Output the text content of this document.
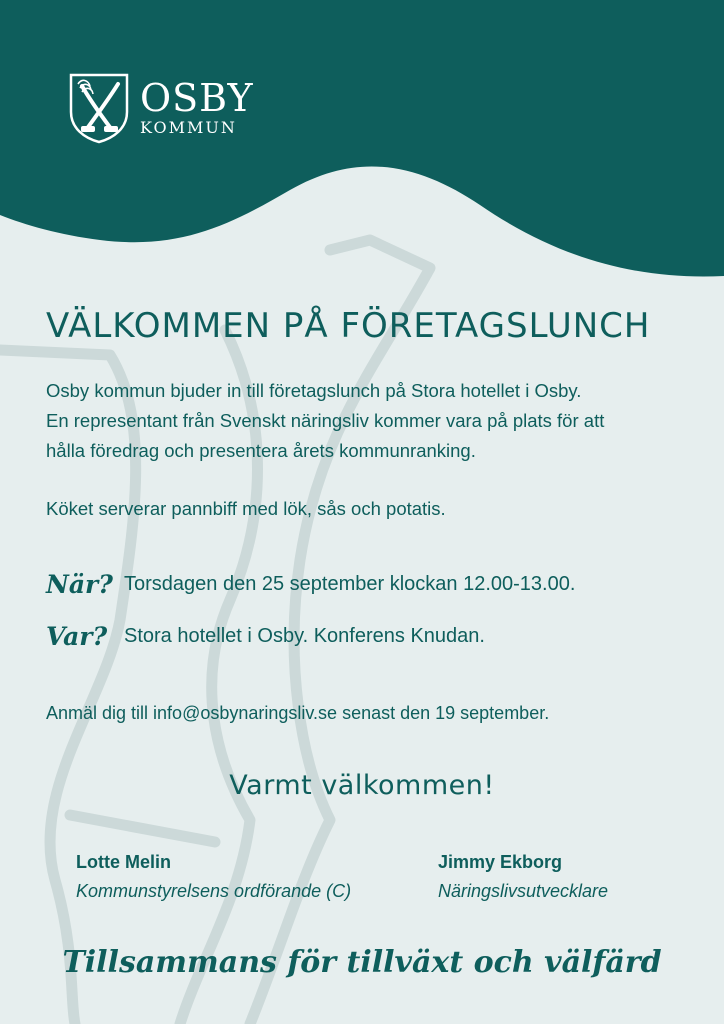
OSBY
KOMMUN
VÄLKOMMEN PÅ FÖRETAGSLUNCH

Osby kommun bjuder in till företagslunch på Stora hotellet i Osby.

En representant från Svenskt näringsliv kommer vara på plats för att

hålla föredrag och presentera årets kommunranking.

Köket serverar pannbiff med lök, sås och potatis.

När? Torsdagen den 25 september klockan 12.00-13.00.
Var? Stora hotellet i Osby. Konferens Knudan.

Anmäl dig till info@osbynaringsliv.se senast den 19 september.

Varmt välkommen!
Lotte Melin
Kommunstyrelsens ordförande (C)
Jimmy Ekborg
Näringslivsutvecklare
Tillsammans för tillväxt och välfärd
